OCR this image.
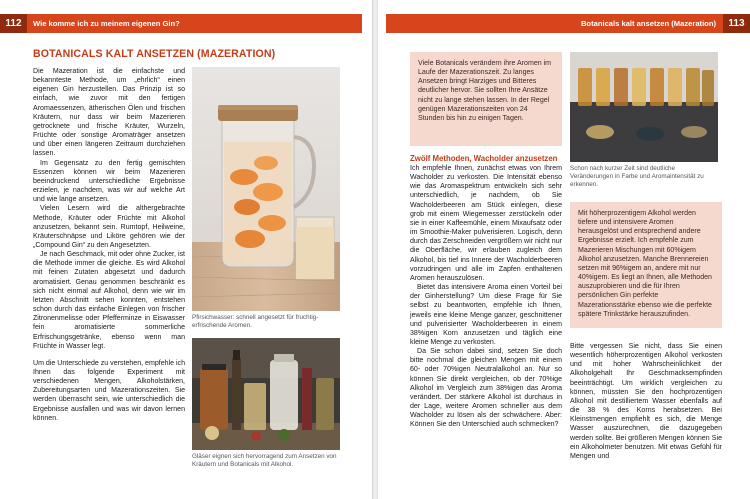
112	Wie komme ich zu meinem eigenen Gin?
BOTANICALS KALT ANSETZEN (MAZERATION)

Die Mazeration ist die einfachste und bekannteste Methode, um „ehrlich“ einen eigenen Gin herzustellen. Das Prinzip ist so einfach, wie zuvor mit den fertigen Aromaessenzen, ätherischen Ölen und frischen Kräutern, nur dass wir beim Mazerieren getrocknete und frische Kräuter, Wurzeln, Früchte oder sonstige Aromaträger ansetzen und über einen längeren Zeitraum durchziehen lassen.

Im Gegensatz zu den fertig gemischten Essenzen können wir beim Mazerieren beeindruckend unterschiedliche Ergebnisse erzielen, je nachdem, was wir auf welche Art und wie lange ansetzen.

Vielen Lesern wird die althergebrachte Methode, Kräuter oder Früchte mit Alkohol anzusetzen, bekannt sein. Rumtopf, Heilweine, Kräuterschnäpse und Liköre gehören wie der „Compound Gin“ zu den Angesetzten.

Je nach Geschmack, mit oder ohne Zucker, ist die Methode immer die gleiche. Es wird Alkohol mit feinen Zutaten abgesetzt und dadurch aromatisiert. Genau genommen beschränkt es sich nicht einmal auf Alkohol, denn wie wir im letzten Abschnitt sehen konnten, entstehen schon durch das einfache Einlegen von frischer Zitronenmelisse oder Pfefferminze in Eiswasser fein aromatisierte sommerliche Erfrischungsgetränke, ebenso wenn man Früchte in Wasser legt.

Um die Unterschiede zu verstehen, empfehle ich Ihnen das folgende Experiment mit verschiedenen Mengen, Alkoholstärken, Zubereitungsarten und Mazerationszeiten. Sie werden überrascht sein, wie unterschiedlich die Ergebnisse ausfallen und was wir davon lernen können.

Pfirsichwasser: schnell angesetzt für fruchtig-erfrischende Aromen.
Gläser eignen sich hervorragend zum Ansetzen von Kräutern und Botanicals mit Alkohol.
Botanicals kalt ansetzen (Mazeration)	113
Viele Botanicals verändern ihre Aromen im Laufe der Mazerationszeit. Zu langes Ansetzen bringt Harziges und Bitteres deutlicher hervor. Sie sollten Ihre Ansätze nicht zu lange stehen lassen. In der Regel genügen Mazerationszeiten von 24 Stunden bis hin zu einigen Tagen.
Zwölf Methoden, Wacholder anzusetzen

Ich empfehle Ihnen, zunächst etwas von Ihrem Wacholder zu verkosten. Die Intensität ebenso wie das Aromaspektrum entwickeln sich sehr unterschiedlich, je nachdem, ob Sie Wacholderbeeren am Stück einlegen, diese grob mit einem Wiegemesser zerstückeln oder sie in einer Kaffeemühle, einem Mixaufsatz oder im Smoothie-Maker pulverisieren. Logisch, denn durch das Zerschneiden vergrößern wir nicht nur die Oberfläche, wir erlauben zugleich dem Alkohol, bis tief ins Innere der Wacholderbeeren vorzudringen und alle im Zapfen enthaltenen Aromen herauszulösen.

Bietet das intensivere Aroma einen Vorteil bei der Ginherstellung? Um diese Frage für Sie selbst zu beantworten, empfehle ich Ihnen, jeweils eine kleine Menge ganzer, geschnittener und pulverisierter Wacholderbeeren in einem 38%igen Korn anzusetzen und täglich eine kleine Menge zu verkosten.

Da Sie schon dabei sind, setzen Sie doch bitte nochmal die gleichen Mengen mit einem 60- oder 70%igen Neutralalkohol an. Nur so können Sie direkt vergleichen, ob der 70%ige Alkohol im Vergleich zum 38%igen das Aroma verändert. Der stärkere Alkohol ist durchaus in der Lage, weitere Aromen schneller aus dem Wacholder zu lösen als der schwächere. Aber: Können Sie den Unterschied auch schmecken?

Schon nach kurzer Zeit sind deutliche Veränderungen in Farbe und Aromaintensität zu erkennen.
Mit höherprozentigem Alkohol werden tiefere und intensivere Aromen herausgelöst und entsprechend andere Ergebnisse erzielt. Ich empfehle zum Mazerieren Mischungen mit 60%igem Alkohol anzusetzen. Manche Brennereien setzen mit 96%igem an, andere mit nur 40%igem. Es liegt an Ihnen, alle Methoden auszuprobieren und die für Ihren persönlichen Gin perfekte Mazerationsstärke ebenso wie die perfekte spätere Trinkstärke herauszufinden.

Bitte vergessen Sie nicht, dass Sie einen wesentlich höherprozentigen Alkohol verkosten und mit hoher Wahrscheinlichkeit der Alkoholgehalt Ihr Geschmacksempfinden beeinträchtigt. Um wirklich vergleichen zu können, müssten Sie den hochprozentigen Alkohol mit destilliertem Wasser ebenfalls auf die 38 % des Korns herabsetzen. Bei Kleinstmengen empfiehlt es sich, die Menge Wasser auszurechnen, die dazugegeben werden sollte. Bei größeren Mengen können Sie ein Alkoholmeter benutzen. Mit etwas Gefühl für Mengen und
